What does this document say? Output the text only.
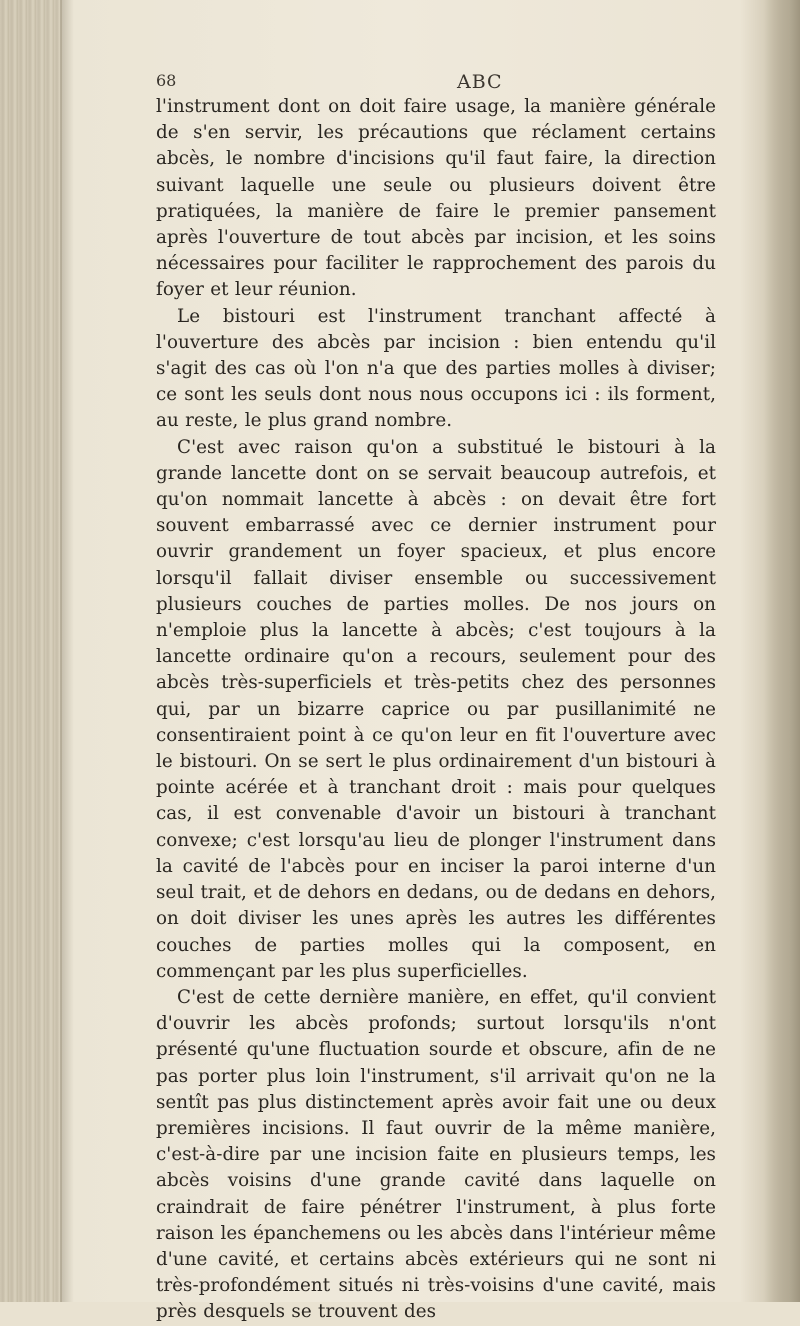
68	ABC

l'instrument dont on doit faire usage, la manière générale de s'en servir, les précautions que réclament certains abcès, le nombre d'incisions qu'il faut faire, la direction suivant laquelle une seule ou plusieurs doivent être pratiquées, la manière de faire le premier pansement après l'ouverture de tout abcès par incision, et les soins nécessaires pour faciliter le rapprochement des parois du foyer et leur réunion.

Le bistouri est l'instrument tranchant affecté à l'ouverture des abcès par incision : bien entendu qu'il s'agit des cas où l'on n'a que des parties molles à diviser; ce sont les seuls dont nous nous occupons ici : ils forment, au reste, le plus grand nombre.

C'est avec raison qu'on a substitué le bistouri à la grande lancette dont on se servait beaucoup autrefois, et qu'on nommait lancette à abcès : on devait être fort souvent embarrassé avec ce dernier instrument pour ouvrir grandement un foyer spacieux, et plus encore lorsqu'il fallait diviser ensemble ou successivement plusieurs couches de parties molles. De nos jours on n'emploie plus la lancette à abcès; c'est toujours à la lancette ordinaire qu'on a recours, seulement pour des abcès très-superficiels et très-petits chez des personnes qui, par un bizarre caprice ou par pusillanimité ne consentiraient point à ce qu'on leur en fit l'ouverture avec le bistouri. On se sert le plus ordinairement d'un bistouri à pointe acérée et à tranchant droit : mais pour quelques cas, il est convenable d'avoir un bistouri à tranchant convexe; c'est lorsqu'au lieu de plonger l'instrument dans la cavité de l'abcès pour en inciser la paroi interne d'un seul trait, et de dehors en dedans, ou de dedans en dehors, on doit diviser les unes après les autres les différentes couches de parties molles qui la composent, en commençant par les plus superficielles.

C'est de cette dernière manière, en effet, qu'il convient d'ouvrir les abcès profonds; surtout lorsqu'ils n'ont présenté qu'une fluctuation sourde et obscure, afin de ne pas porter plus loin l'instrument, s'il arrivait qu'on ne la sentît pas plus distinctement après avoir fait une ou deux premières incisions. Il faut ouvrir de la même manière, c'est-à-dire par une incision faite en plusieurs temps, les abcès voisins d'une grande cavité dans laquelle on craindrait de faire pénétrer l'instrument, à plus forte raison les épanchemens ou les abcès dans l'intérieur même d'une cavité, et certains abcès extérieurs qui ne sont ni très-profondément situés ni très-voisins d'une cavité, mais près desquels se trouvent des
